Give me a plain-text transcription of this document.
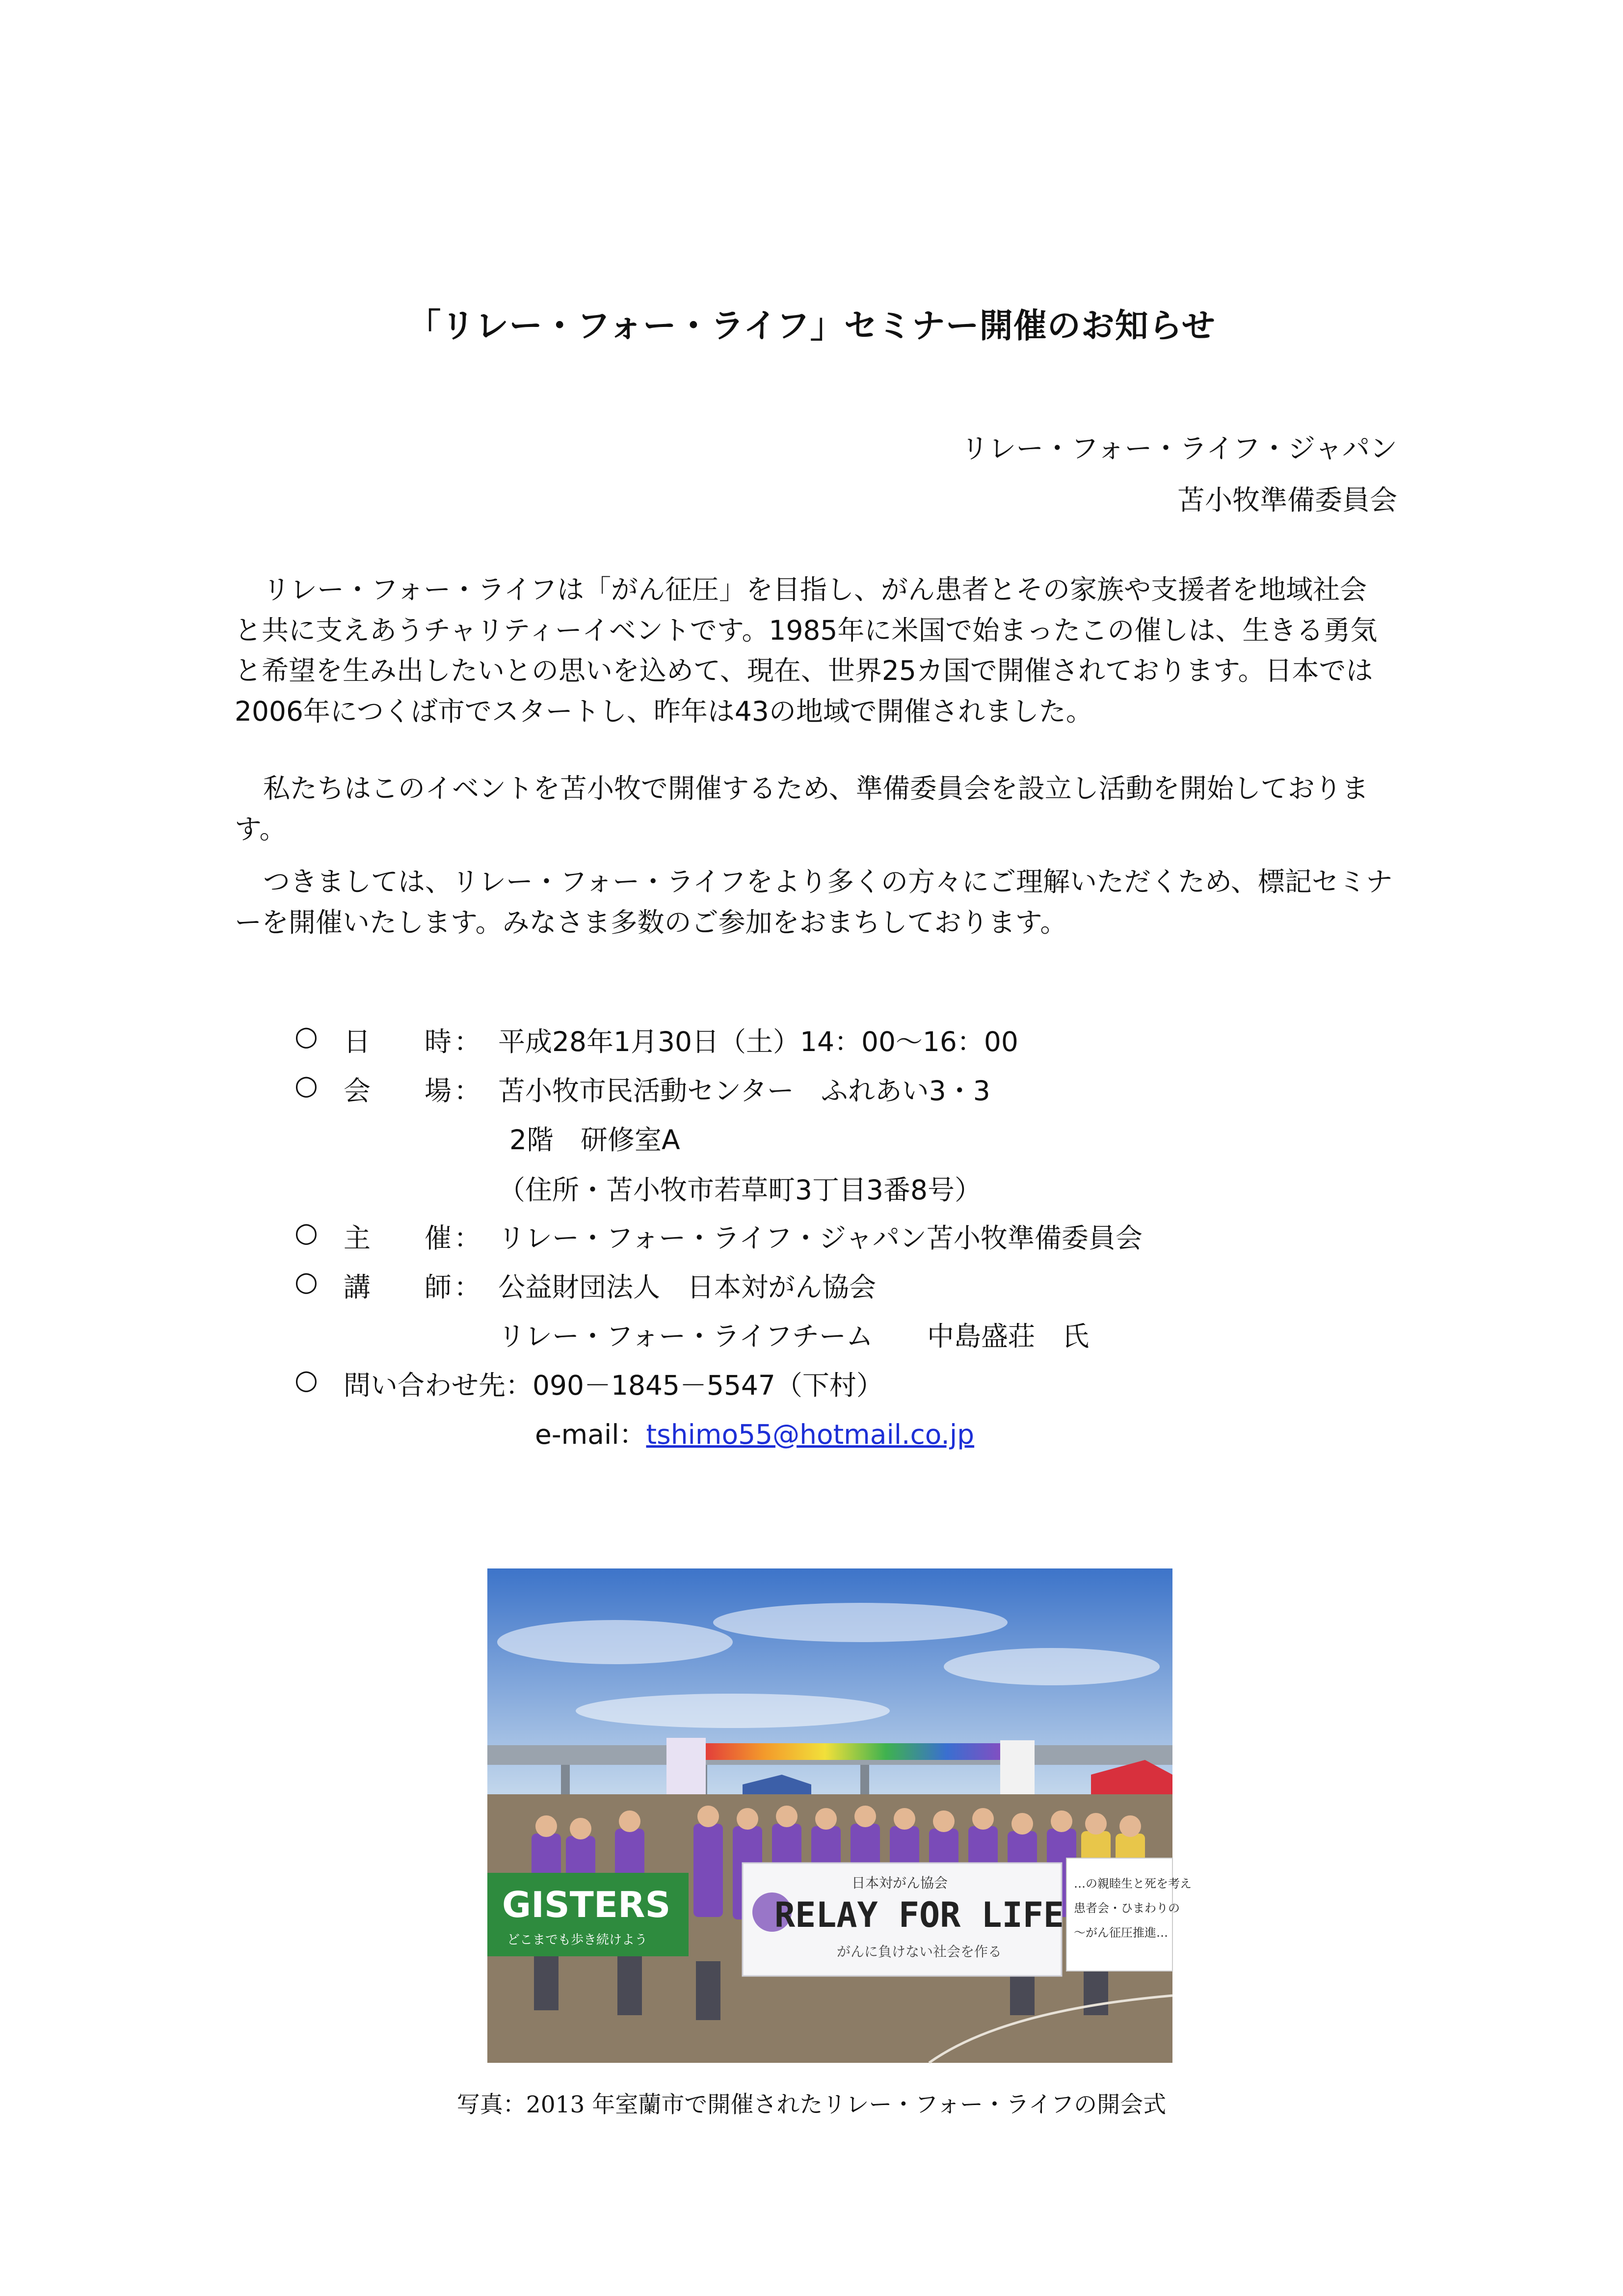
「リレー・フォー・ライフ」セミナー開催のお知らせ
リレー・フォー・ライフ・ジャパン
苫小牧準備委員会
リレー・フォー・ライフは「がん征圧」を目指し、がん患者とその家族や支援者を地域社会と共に支えあうチャリティーイベントです。1985年に米国で始まったこの催しは、生きる勇気と希望を生み出したいとの思いを込めて、現在、世界25カ国で開催されております。日本では2006年につくば市でスタートし、昨年は43の地域で開催されました。
私たちはこのイベントを苫小牧で開催するため、準備委員会を設立し活動を開始しております。
つきましては、リレー・フォー・ライフをより多くの方々にご理解いただくため、標記セミナーを開催いたします。みなさま多数のご参加をおまちしております。
○ 日　　時 ： 平成28年1月30日（土）14：00～16：00
○ 会　　場 ： 苫小牧市民活動センター　ふれあい3・3
2階　研修室A
（住所・苫小牧市若草町3丁目3番8号）
○ 主　　催 ： リレー・フォー・ライフ・ジャパン苫小牧準備委員会
○ 講　　師 ： 公益財団法人　日本対がん協会
リレー・フォー・ライフチーム　　中島盛荘　氏
○ 問い合わせ先：090－1845－5547（下村）
e-mail：tshimo55@hotmail.co.jp
GISTERS
どこまでも歩き続けよう
日本対がん協会
RELAY FOR LIFE
がんに負けない社会を作る
…の親睦生と死を考え
患者会・ひまわりの
～がん征圧推進…
写真：2013 年室蘭市で開催されたリレー・フォー・ライフの開会式
